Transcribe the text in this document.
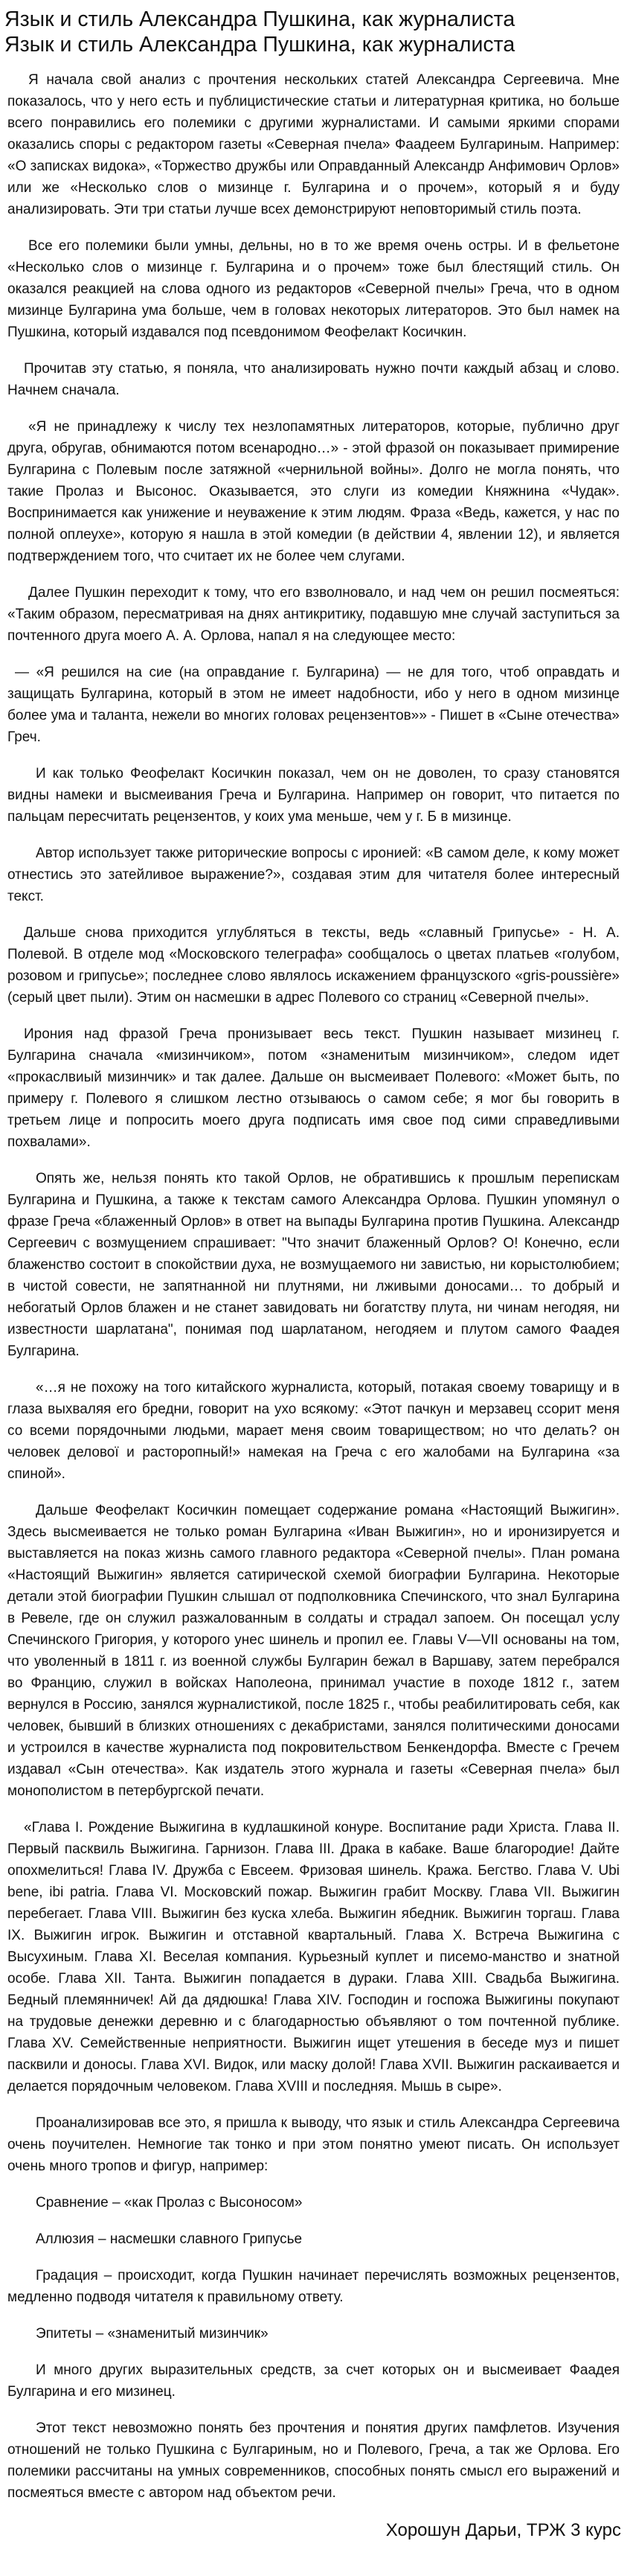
Язык и стиль Александра Пушкина, как журналиста
Язык и стиль Александра Пушкина, как журналиста

Я начала свой анализ с прочтения нескольких статей Александра Сергеевича. Мне показалось, что у него есть и публицистические статьи и литературная критика, но больше всего понравились его полемики с другими журналистами. И самыми яркими спорами оказались споры с редактором газеты «Северная пчела» Фаадеем Булгариным. Например: «О записках видока», «Торжество дружбы или Оправданный Александр Анфимович Орлов» или же «Несколько слов о мизинце г. Булгарина и о прочем», который я и буду анализировать. Эти три статьи лучше всех демонстрируют неповторимый стиль поэта.

Все его полемики были умны, дельны, но в то же время очень остры. И в фельетоне «Несколько слов о мизинце г. Булгарина и о прочем» тоже был блестящий стиль. Он оказался реакцией на слова одного из редакторов «Северной пчелы» Греча, что в одном мизинце Булгарина ума больше, чем в головах некоторых литераторов. Это был намек на Пушкина, который издавался под псевдонимом Феофелакт Косичкин.

Прочитав эту статью, я поняла, что анализировать нужно почти каждый абзац и слово. Начнем сначала.

«Я не принадлежу к числу тех незлопамятных литераторов, которые, публично друг друга, обругав, обнимаются потом всенародно…» - этой фразой он показывает примирение Булгарина с Полевым после затяжной «чернильной войны». Долго не могла понять, что такие Пролаз и Высонос. Оказывается, это слуги из комедии Княжнина «Чудак». Воспринимается как унижение и неуважение к этим людям. Фраза «Ведь, кажется, у нас по полной оплеухе», которую я нашла в этой комедии (в действии 4, явлении 12), и является подтверждением того, что считает их не более чем слугами.

Далее Пушкин переходит к тому, что его взволновало, и над чем он решил посмеяться: «Таким образом, пересматривая на днях антикритику, подавшую мне случай заступиться за почтенного друга моего А. А. Орлова, напал я на следующее место:

— «Я решился на сие (на оправдание г. Булгарина) — не для того, чтоб оправдать и защищать Булгарина, который в этом не имеет надобности, ибо у него в одном мизинце более ума и таланта, нежели во многих головах рецензентов»» - Пишет в «Сыне отечества» Греч.

И как только Феофелакт Косичкин показал, чем он не доволен, то сразу становятся видны намеки и высмеивания Греча и Булгарина. Например он говорит, что питается по пальцам пересчитать рецензентов, у коих ума меньше, чем у г. Б в мизинце.

Автор использует также риторические вопросы с иронией: «В самом деле, к кому может отнестись это затейливое выражение?», создавая этим для читателя более интересный текст.

Дальше снова приходится углубляться в тексты, ведь «славный Грипусье» - Н. А. Полевой. В отделе мод «Московского телеграфа» сообщалось о цветах платьев «голубом, розовом и грипусье»; последнее слово являлось искажением французского «gris-poussière» (серый цвет пыли). Этим он насмешки в адрес Полевого со страниц «Северной пчелы».

Ирония над фразой Греча пронизывает весь текст. Пушкин называет мизинец г. Булгарина сначала «мизинчиком», потом «знаменитым мизинчиком», следом идет «прокаслвиый мизинчик» и так далее. Дальше он высмеивает Полевого: «Может быть, по примеру г. Полевого я слишком лестно отзываюсь о самом себе; я мог бы говорить в третьем лице и попросить моего друга подписать имя свое под сими справедливыми похвалами».

Опять же, нельзя понять кто такой Орлов, не обратившись к прошлым перепискам Булгарина и Пушкина, а также к текстам самого Александра Орлова. Пушкин упомянул о фразе Греча «блаженный Орлов» в ответ на выпады Булгарина против Пушкина. Александр Сергеевич с возмущением спрашивает: "Что значит блаженный Орлов? О! Конечно, если блаженство состоит в спокойствии духа, не возмущаемого ни завистью, ни корыстолюбием; в чистой совести, не запятнанной ни плутнями, ни лживыми доносами… то добрый и небогатый Орлов блажен и не станет завидовать ни богатству плута, ни чинам негодяя, ни известности шарлатана", понимая под шарлатаном, негодяем и плутом самого Фаадея Булгарина.

«…я не похожу на того китайского журналиста, который, потакая своему товарищу и в глаза выхваляя его бредни, говорит на ухо всякому: «Этот пачкун и мерзавец ссорит меня со всеми порядочными людьми, марает меня своим товариществом; но что делать? он человек делової и расторопный!» намекая на Греча с его жалобами на Булгарина «за спиной».

Дальше Феофелакт Косичкин помещает содержание романа «Настоящий Выжигин». Здесь высмеивается не только роман Булгарина «Иван Выжигин», но и иронизируется и выставляется на показ жизнь самого главного редактора «Северной пчелы». План романа «Настоящий Выжигин» является сатирической схемой биографии Булгарина. Некоторые детали этой биографии Пушкин слышал от подполковника Спечинского, что знал Булгарина в Ревеле, где он служил разжалованным в солдаты и страдал запоем. Он посещал услу Спечинского Григория, у которого унес шинель и пропил ее. Главы V—VII основаны на том, что уволенный в 1811 г. из военной службы Булгарин бежал в Варшаву, затем перебрался во Францию, служил в войсках Наполеона, принимал участие в походе 1812 г., затем вернулся в Россию, занялся журналистикой, после 1825 г., чтобы реабилитировать себя, как человек, бывший в близких отношениях с декабристами, занялся политическими доносами и устроился в качестве журналиста под покровительством Бенкендорфа. Вместе с Гречем издавал «Сын отечества». Как издатель этого журнала и газеты «Северная пчела» был монополистом в петербургской печати.

«Глава I. Рождение Выжигина в кудлашкиной конуре. Воспитание ради Христа. Глава II. Первый пасквиль Выжигина. Гарнизон. Глава III. Драка в кабаке. Ваше благородие! Дайте опохмелиться! Глава IV. Дружба с Евсеем. Фризовая шинель. Кража. Бегство. Глава V. Ubi bene, ibi patria. Глава VI. Московский пожар. Выжигин грабит Москву. Глава VII. Выжигин перебегает. Глава VIII. Выжигин без куска хлеба. Выжигин ябедник. Выжигин торгаш. Глава IX. Выжигин игрок. Выжигин и отставной квартальный. Глава X. Встреча Выжигина с Высухиным. Глава XI. Веселая компания. Курьезный куплет и писемо-манство и знатной особе. Глава XII. Танта. Выжигин попадается в дураки. Глава XIII. Свадьба Выжигина. Бедный племянничек! Ай да дядюшка! Глава XIV. Господин и госпожа Выжигины покупают на трудовые денежки деревню и с благодарностью объявляют о том почтенной публике. Глава XV. Семейственные неприятности. Выжигин ищет утешения в беседе муз и пишет пасквили и доносы. Глава XVI. Видок, или маску долой! Глава XVII. Выжигин раскаивается и делается порядочным человеком. Глава XVIII и последняя. Мышь в сыре».

Проанализировав все это, я пришла к выводу, что язык и стиль Александра Сергеевича очень поучителен. Немногие так тонко и при этом понятно умеют писать. Он использует очень много тропов и фигур, например:

Сравнение – «как Пролаз с Высоносом»

Аллюзия – насмешки славного Грипусье

Градация – происходит, когда Пушкин начинает перечислять возможных рецензентов, медленно подводя читателя к правильному ответу.

Эпитеты – «знаменитый мизинчик»

И много других выразительных средств, за счет которых он и высмеивает Фаадея Булгарина и его мизинец.

Этот текст невозможно понять без прочтения и понятия других памфлетов. Изучения отношений не только Пушкина с Булгариным, но и Полевого, Греча, а так же Орлова. Его полемики рассчитаны на умных современников, способных понять смысл его выражений и посмеяться вместе с автором над объектом речи.

Хорошун Дарьи, ТРЖ 3 курс
